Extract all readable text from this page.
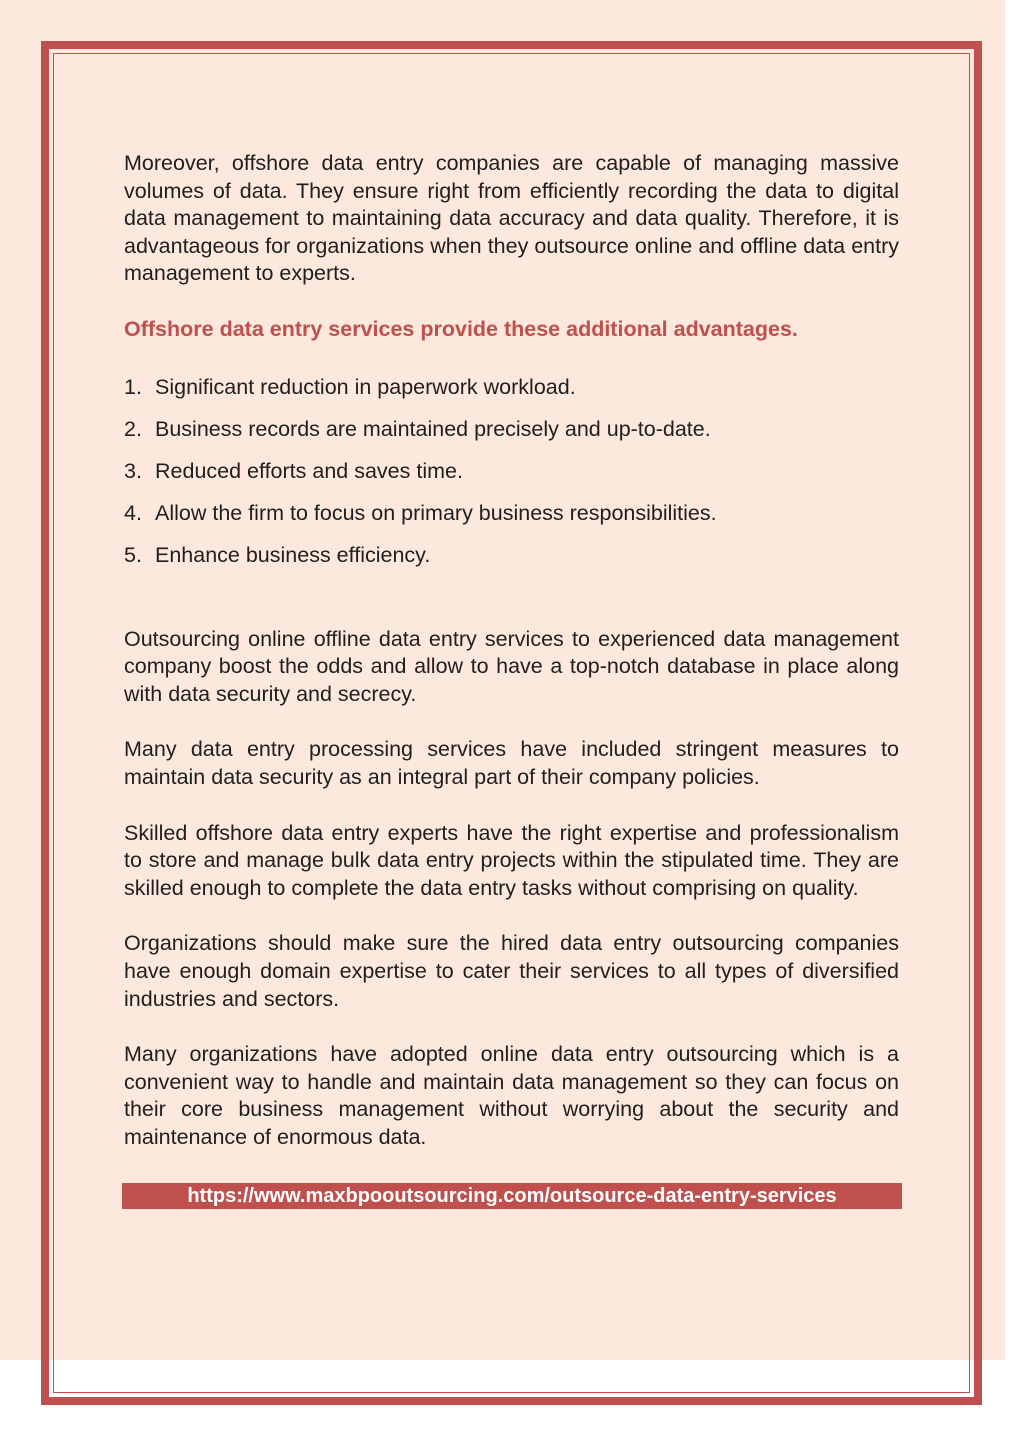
Moreover, offshore data entry companies are capable of managing massive volumes of data. They ensure right from efficiently recording the data to digital data management to maintaining data accuracy and data quality. Therefore, it is advantageous for organizations when they outsource online and offline data entry management to experts.

Offshore data entry services provide these additional advantages.

1. Significant reduction in paperwork workload.
2. Business records are maintained precisely and up-to-date.
3. Reduced efforts and saves time.
4. Allow the firm to focus on primary business responsibilities.
5. Enhance business efficiency.

Outsourcing online offline data entry services to experienced data management company boost the odds and allow to have a top-notch database in place along with data security and secrecy.

Many data entry processing services have included stringent measures to maintain data security as an integral part of their company policies.

Skilled offshore data entry experts have the right expertise and professionalism to store and manage bulk data entry projects within the stipulated time. They are skilled enough to complete the data entry tasks without comprising on quality.

Organizations should make sure the hired data entry outsourcing companies have enough domain expertise to cater their services to all types of diversified industries and sectors.

Many organizations have adopted online data entry outsourcing which is a convenient way to handle and maintain data management so they can focus on their core business management without worrying about the security and maintenance of enormous data.

https://www.maxbpooutsourcing.com/outsource-data-entry-services
